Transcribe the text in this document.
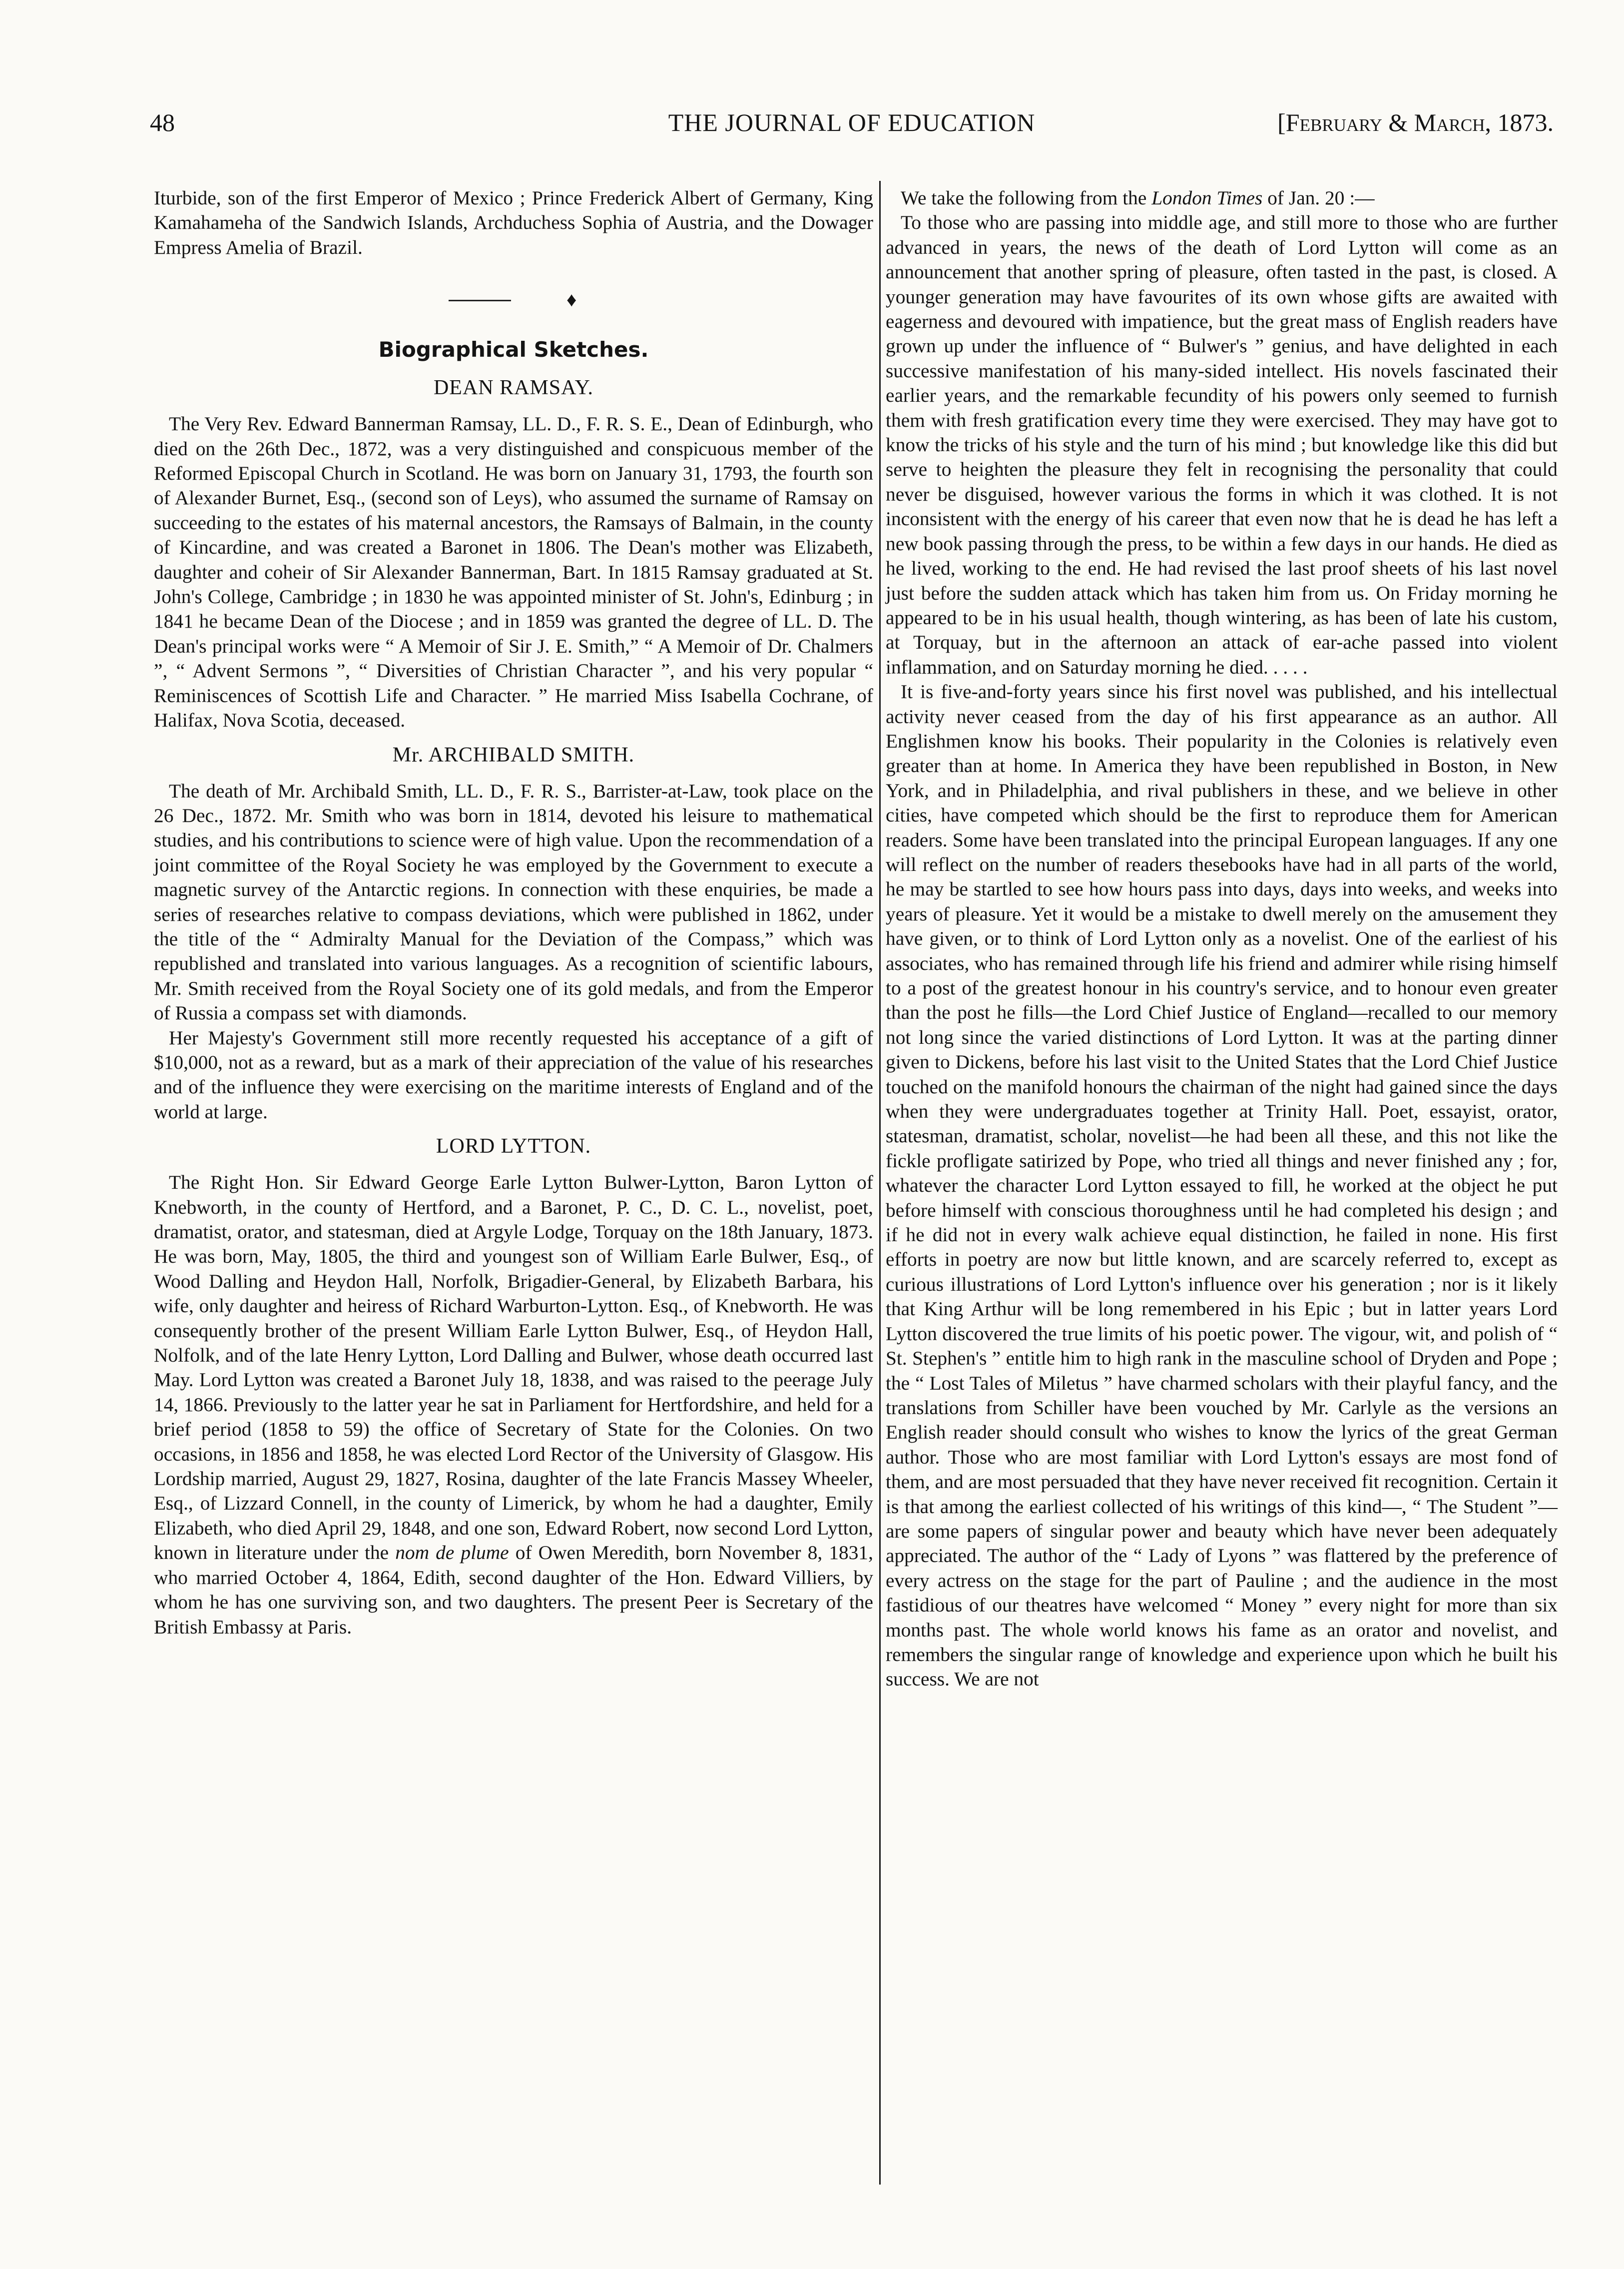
48	THE JOURNAL OF EDUCATION	[February & March, 1873.

Iturbide, son of the first Emperor of Mexico ; Prince Frederick Albert of Germany, King Kamahameha of the Sandwich Islands, Archduchess Sophia of Austria, and the Dowager Empress Amelia of Brazil.

♦
Biographical Sketches.
DEAN RAMSAY.

The Very Rev. Edward Bannerman Ramsay, LL. D., F. R. S. E., Dean of Edinburgh, who died on the 26th Dec., 1872, was a very distinguished and conspicuous member of the Reformed Episcopal Church in Scotland. He was born on January 31, 1793, the fourth son of Alexander Burnet, Esq., (second son of Leys), who assumed the surname of Ramsay on succeeding to the estates of his maternal ancestors, the Ramsays of Balmain, in the county of Kincardine, and was created a Baronet in 1806. The Dean's mother was Elizabeth, daughter and coheir of Sir Alexander Bannerman, Bart. In 1815 Ramsay graduated at St. John's College, Cambridge ; in 1830 he was appointed minister of St. John's, Edinburg ; in 1841 he became Dean of the Diocese ; and in 1859 was granted the degree of LL. D. The Dean's principal works were “ A Memoir of Sir J. E. Smith,” “ A Memoir of Dr. Chalmers ”, “ Advent Sermons ”, “ Diversities of Christian Character ”, and his very popular “ Reminiscences of Scottish Life and Character. ” He married Miss Isabella Cochrane, of Halifax, Nova Scotia, deceased.

Mr. ARCHIBALD SMITH.

The death of Mr. Archibald Smith, LL. D., F. R. S., Barrister-at-Law, took place on the 26 Dec., 1872. Mr. Smith who was born in 1814, devoted his leisure to mathematical studies, and his contributions to science were of high value. Upon the recommendation of a joint committee of the Royal Society he was employed by the Government to execute a magnetic survey of the Antarctic regions. In connection with these enquiries, be made a series of researches relative to compass deviations, which were published in 1862, under the title of the “ Admiralty Manual for the Deviation of the Compass,” which was republished and translated into various languages. As a recognition of scientific labours, Mr. Smith received from the Royal Society one of its gold medals, and from the Emperor of Russia a compass set with diamonds.

Her Majesty's Government still more recently requested his acceptance of a gift of $10,000, not as a reward, but as a mark of their appreciation of the value of his researches and of the influence they were exercising on the maritime interests of England and of the world at large.

LORD LYTTON.

The Right Hon. Sir Edward George Earle Lytton Bulwer-Lytton, Baron Lytton of Knebworth, in the county of Hertford, and a Baronet, P. C., D. C. L., novelist, poet, dramatist, orator, and statesman, died at Argyle Lodge, Torquay on the 18th January, 1873. He was born, May, 1805, the third and youngest son of William Earle Bulwer, Esq., of Wood Dalling and Heydon Hall, Norfolk, Brigadier-General, by Elizabeth Barbara, his wife, only daughter and heiress of Richard Warburton-Lytton. Esq., of Knebworth. He was consequently brother of the present William Earle Lytton Bulwer, Esq., of Heydon Hall, Nolfolk, and of the late Henry Lytton, Lord Dalling and Bulwer, whose death occurred last May. Lord Lytton was created a Baronet July 18, 1838, and was raised to the peerage July 14, 1866. Previously to the latter year he sat in Parliament for Hertfordshire, and held for a brief period (1858 to 59) the office of Secretary of State for the Colonies. On two occasions, in 1856 and 1858, he was elected Lord Rector of the University of Glasgow. His Lordship married, August 29, 1827, Rosina, daughter of the late Francis Massey Wheeler, Esq., of Lizzard Connell, in the county of Limerick, by whom he had a daughter, Emily Elizabeth, who died April 29, 1848, and one son, Edward Robert, now second Lord Lytton, known in literature under the nom de plume of Owen Meredith, born November 8, 1831, who married October 4, 1864, Edith, second daughter of the Hon. Edward Villiers, by whom he has one surviving son, and two daughters. The present Peer is Secretary of the British Embassy at Paris.

We take the following from the London Times of Jan. 20 :—

To those who are passing into middle age, and still more to those who are further advanced in years, the news of the death of Lord Lytton will come as an announcement that another spring of pleasure, often tasted in the past, is closed. A younger generation may have favourites of its own whose gifts are awaited with eagerness and devoured with impatience, but the great mass of English readers have grown up under the influence of “ Bulwer's ” genius, and have delighted in each successive manifestation of his many-sided intellect. His novels fascinated their earlier years, and the remarkable fecundity of his powers only seemed to furnish them with fresh gratification every time they were exercised. They may have got to know the tricks of his style and the turn of his mind ; but knowledge like this did but serve to heighten the pleasure they felt in recognising the personality that could never be disguised, however various the forms in which it was clothed. It is not inconsistent with the energy of his career that even now that he is dead he has left a new book passing through the press, to be within a few days in our hands. He died as he lived, working to the end. He had revised the last proof sheets of his last novel just before the sudden attack which has taken him from us. On Friday morning he appeared to be in his usual health, though wintering, as has been of late his custom, at Torquay, but in the afternoon an attack of ear-ache passed into violent inflammation, and on Saturday morning he died. . . . .

It is five-and-forty years since his first novel was published, and his intellectual activity never ceased from the day of his first appearance as an author. All Englishmen know his books. Their popularity in the Colonies is relatively even greater than at home. In America they have been republished in Boston, in New York, and in Philadelphia, and rival publishers in these, and we believe in other cities, have competed which should be the first to reproduce them for American readers. Some have been translated into the principal European languages. If any one will reflect on the number of readers thesebooks have had in all parts of the world, he may be startled to see how hours pass into days, days into weeks, and weeks into years of pleasure. Yet it would be a mistake to dwell merely on the amusement they have given, or to think of Lord Lytton only as a novelist. One of the earliest of his associates, who has remained through life his friend and admirer while rising himself to a post of the greatest honour in his country's service, and to honour even greater than the post he fills—the Lord Chief Justice of England—recalled to our memory not long since the varied distinctions of Lord Lytton. It was at the parting dinner given to Dickens, before his last visit to the United States that the Lord Chief Justice touched on the manifold honours the chairman of the night had gained since the days when they were undergraduates together at Trinity Hall. Poet, essayist, orator, statesman, dramatist, scholar, novelist—he had been all these, and this not like the fickle profligate satirized by Pope, who tried all things and never finished any ; for, whatever the character Lord Lytton essayed to fill, he worked at the object he put before himself with conscious thoroughness until he had completed his design ; and if he did not in every walk achieve equal distinction, he failed in none. His first efforts in poetry are now but little known, and are scarcely referred to, except as curious illustrations of Lord Lytton's influence over his generation ; nor is it likely that King Arthur will be long remembered in his Epic ; but in latter years Lord Lytton discovered the true limits of his poetic power. The vigour, wit, and polish of “ St. Stephen's ” entitle him to high rank in the masculine school of Dryden and Pope ; the “ Lost Tales of Miletus ” have charmed scholars with their playful fancy, and the translations from Schiller have been vouched by Mr. Carlyle as the versions an English reader should consult who wishes to know the lyrics of the great German author. Those who are most familiar with Lord Lytton's essays are most fond of them, and are most persuaded that they have never received fit recognition. Certain it is that among the earliest collected of his writings of this kind—, “ The Student ”—are some papers of singular power and beauty which have never been adequately appreciated. The author of the “ Lady of Lyons ” was flattered by the preference of every actress on the stage for the part of Pauline ; and the audience in the most fastidious of our theatres have welcomed “ Money ” every night for more than six months past. The whole world knows his fame as an orator and novelist, and remembers the singular range of knowledge and experience upon which he built his success. We are not
